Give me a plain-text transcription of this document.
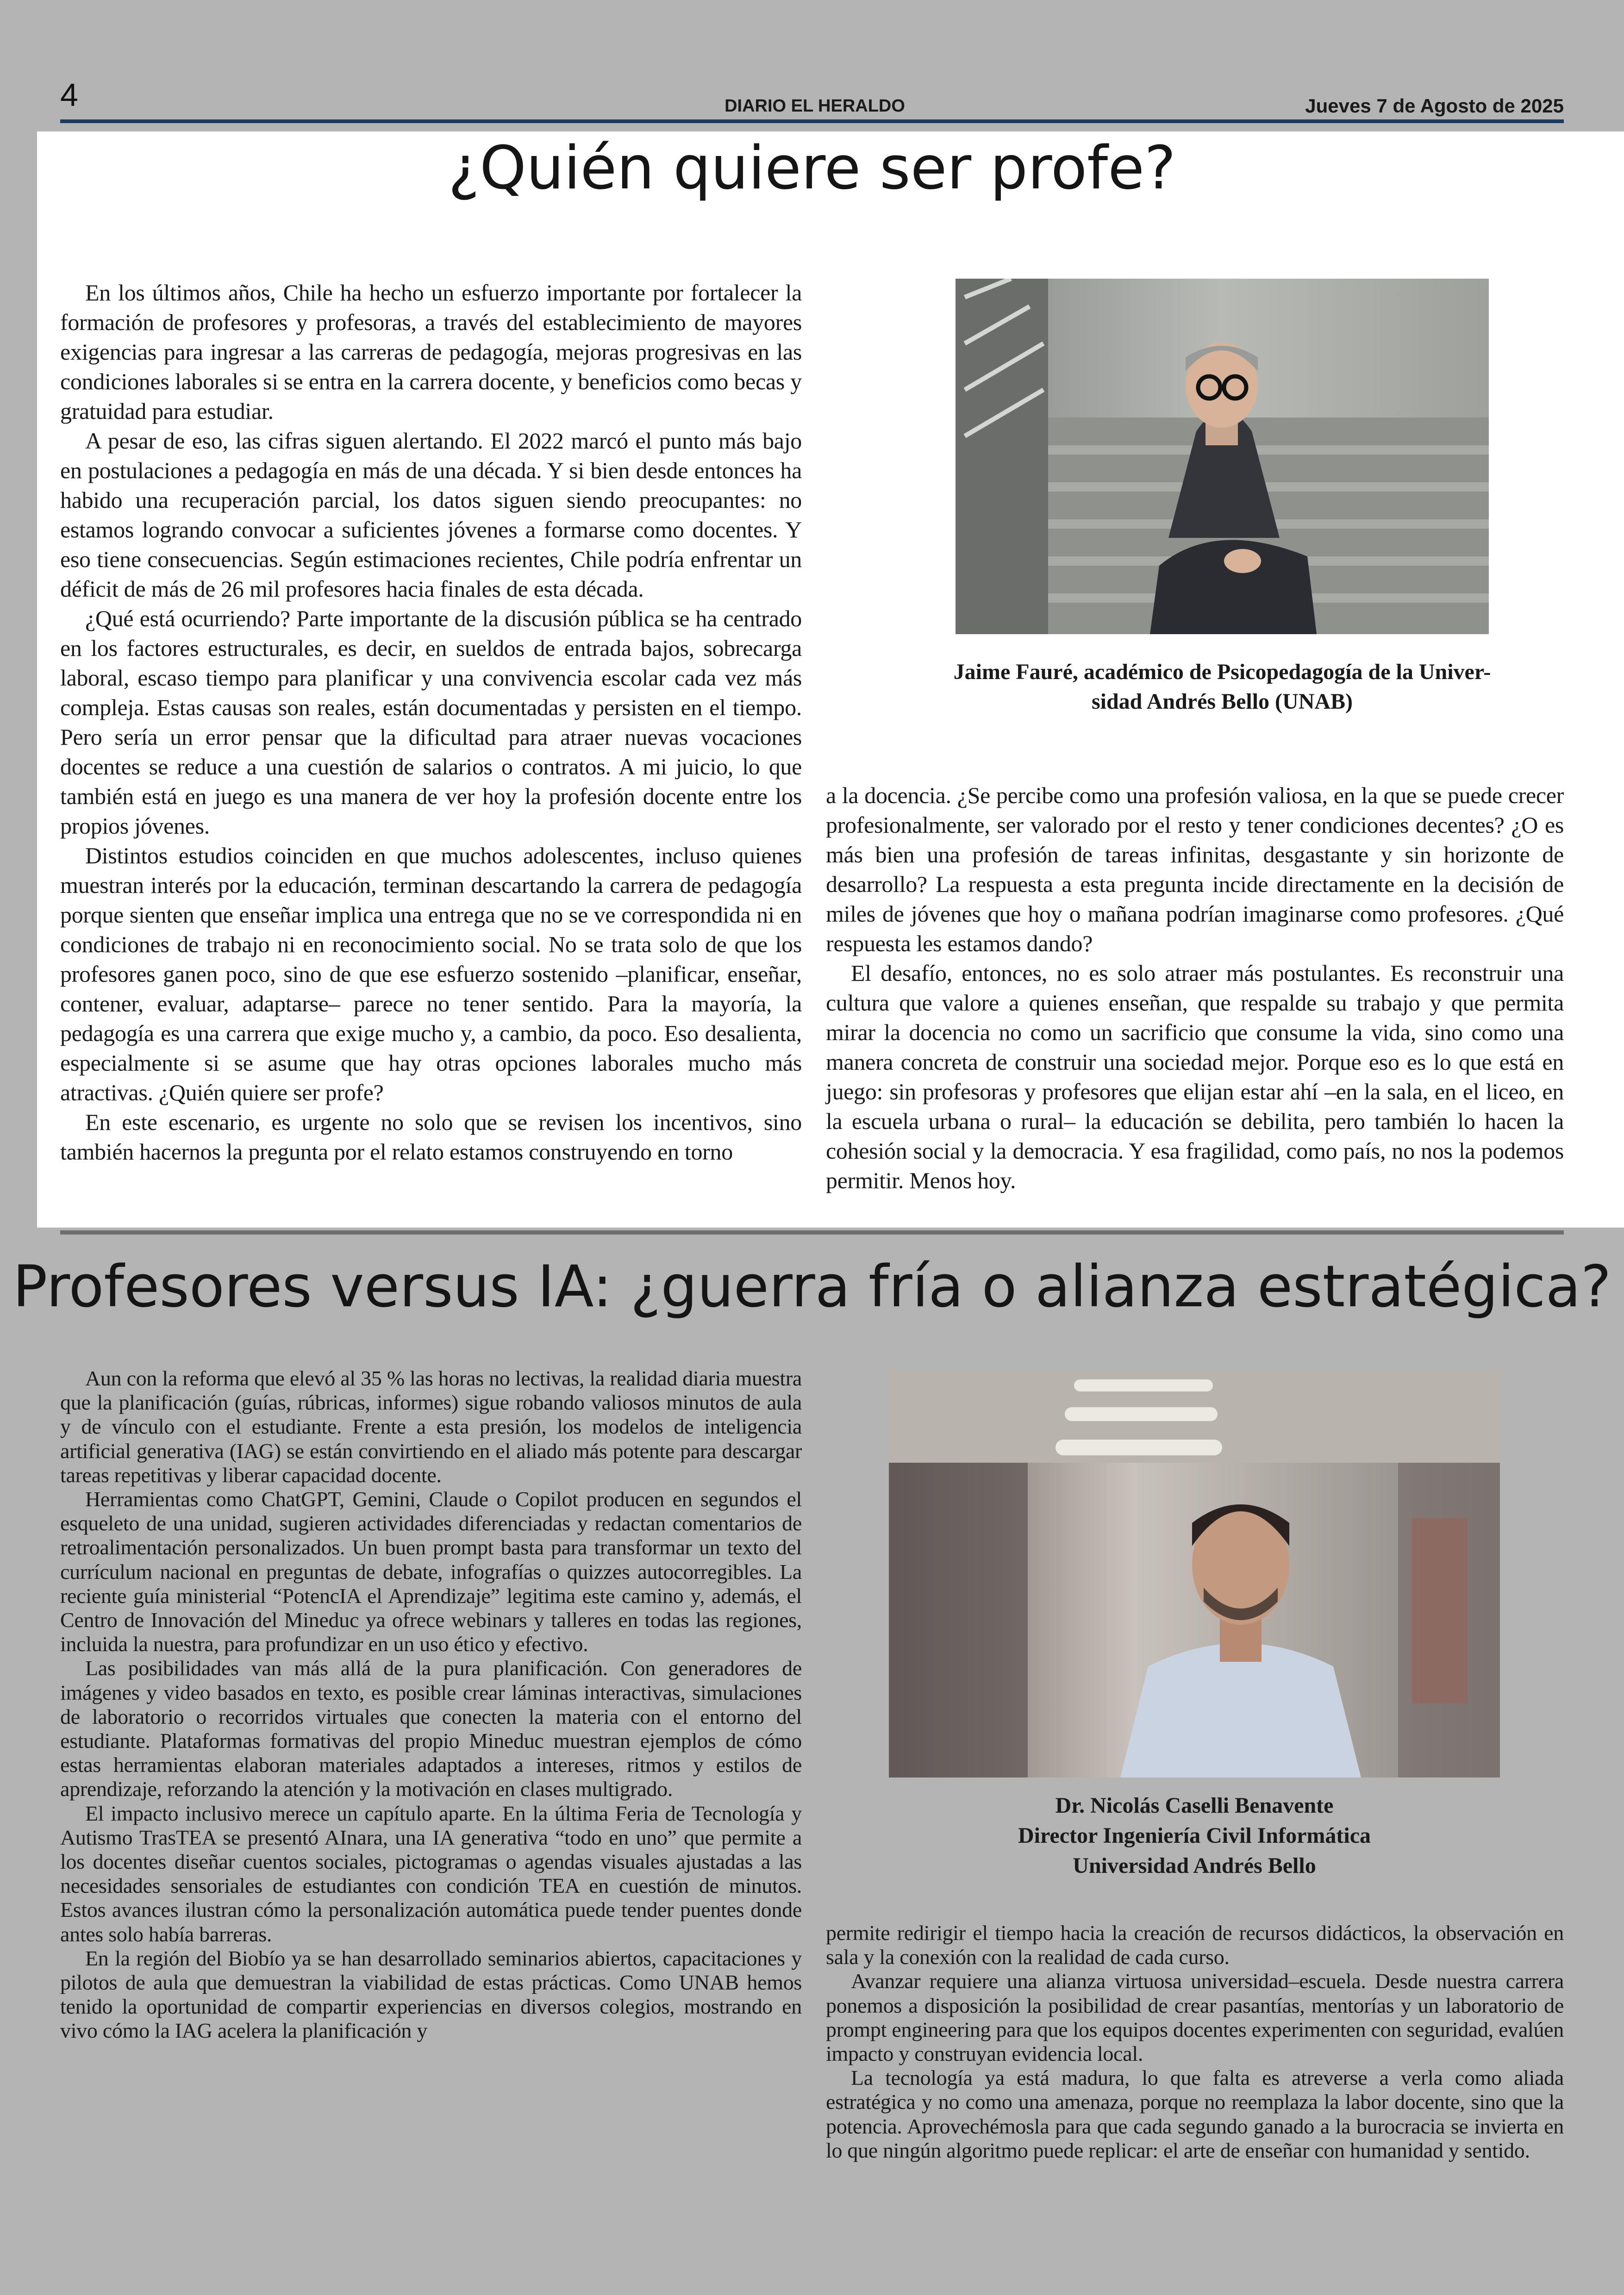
4	DIARIO EL HERALDO	Jueves 7 de Agosto de 2025
¿Quién quiere ser profe?

En los últimos años, Chile ha hecho un esfuerzo importante por fortalecer la formación de profesores y profesoras, a través del establecimiento de mayores exigencias para ingresar a las carreras de pedagogía, mejoras progresivas en las condiciones laborales si se entra en la carrera docente, y beneficios como becas y gratuidad para estudiar.

A pesar de eso, las cifras siguen alertando. El 2022 marcó el punto más bajo en postulaciones a pedagogía en más de una década. Y si bien desde entonces ha habido una recuperación parcial, los datos siguen siendo preocupantes: no estamos logrando convocar a suficientes jóvenes a formarse como docentes. Y eso tiene consecuencias. Según estimaciones recientes, Chile podría enfrentar un déficit de más de 26 mil profesores hacia finales de esta década.

¿Qué está ocurriendo? Parte importante de la discusión pública se ha centrado en los factores estructurales, es decir, en sueldos de entrada bajos, sobrecarga laboral, escaso tiempo para planificar y una convivencia escolar cada vez más compleja. Estas causas son reales, están documentadas y persisten en el tiempo. Pero sería un error pensar que la dificultad para atraer nuevas vocaciones docentes se reduce a una cuestión de salarios o contratos. A mi juicio, lo que también está en juego es una manera de ver hoy la profesión docente entre los propios jóvenes.

Distintos estudios coinciden en que muchos adolescentes, incluso quienes muestran interés por la educación, terminan descartando la carrera de pedagogía porque sienten que enseñar implica una entrega que no se ve correspondida ni en condiciones de trabajo ni en reconocimiento social. No se trata solo de que los profesores ganen poco, sino de que ese esfuerzo sostenido –planificar, enseñar, contener, evaluar, adaptarse– parece no tener sentido. Para la mayoría, la pedagogía es una carrera que exige mucho y, a cambio, da poco. Eso desalienta, especialmente si se asume que hay otras opciones laborales mucho más atractivas. ¿Quién quiere ser profe?

En este escenario, es urgente no solo que se revisen los incentivos, sino también hacernos la pregunta por el relato estamos construyendo en torno

Jaime Fauré, académico de Psicopedagogía de la Univer-
sidad Andrés Bello (UNAB)

a la docencia. ¿Se percibe como una profesión valiosa, en la que se puede crecer profesionalmente, ser valorado por el resto y tener condiciones decentes? ¿O es más bien una profesión de tareas infinitas, desgastante y sin horizonte de desarrollo? La respuesta a esta pregunta incide directamente en la decisión de miles de jóvenes que hoy o mañana podrían imaginarse como profesores. ¿Qué respuesta les estamos dando?

El desafío, entonces, no es solo atraer más postulantes. Es reconstruir una cultura que valore a quienes enseñan, que respalde su trabajo y que permita mirar la docencia no como un sacrificio que consume la vida, sino como una manera concreta de construir una sociedad mejor. Porque eso es lo que está en juego: sin profesoras y profesores que elijan estar ahí –en la sala, en el liceo, en la escuela urbana o rural– la educación se debilita, pero también lo hacen la cohesión social y la democracia. Y esa fragilidad, como país, no nos la podemos permitir. Menos hoy.

Profesores versus IA: ¿guerra fría o alianza estratégica?

Aun con la reforma que elevó al 35 % las horas no lectivas, la realidad diaria muestra que la planificación (guías, rúbricas, informes) sigue robando valiosos minutos de aula y de vínculo con el estudiante. Frente a esta presión, los modelos de inteligencia artificial generativa (IAG) se están convirtiendo en el aliado más potente para descargar tareas repetitivas y liberar capacidad docente.

Herramientas como ChatGPT, Gemini, Claude o Copilot producen en segundos el esqueleto de una unidad, sugieren actividades diferenciadas y redactan comentarios de retroalimentación personalizados. Un buen prompt basta para transformar un texto del currículum nacional en preguntas de debate, infografías o quizzes autocorregibles. La reciente guía ministerial “PotencIA el Aprendizaje” legitima este camino y, además, el Centro de Innovación del Mineduc ya ofrece webinars y talleres en todas las regiones, incluida la nuestra, para profundizar en un uso ético y efectivo.

Las posibilidades van más allá de la pura planificación. Con generadores de imágenes y video basados en texto, es posible crear láminas interactivas, simulaciones de laboratorio o recorridos virtuales que conecten la materia con el entorno del estudiante. Plataformas formativas del propio Mineduc muestran ejemplos de cómo estas herramientas elaboran materiales adaptados a intereses, ritmos y estilos de aprendizaje, reforzando la atención y la motivación en clases multigrado.

El impacto inclusivo merece un capítulo aparte. En la última Feria de Tecnología y Autismo TrasTEA se presentó AInara, una IA generativa “todo en uno” que permite a los docentes diseñar cuentos sociales, pictogramas o agendas visuales ajustadas a las necesidades sensoriales de estudiantes con condición TEA en cuestión de minutos. Estos avances ilustran cómo la personalización automática puede tender puentes donde antes solo había barreras.

En la región del Biobío ya se han desarrollado seminarios abiertos, capacitaciones y pilotos de aula que demuestran la viabilidad de estas prácticas. Como UNAB hemos tenido la oportunidad de compartir experiencias en diversos colegios, mostrando en vivo cómo la IAG acelera la planificación y

Dr. Nicolás Caselli Benavente
Director Ingeniería Civil Informática
Universidad Andrés Bello

permite redirigir el tiempo hacia la creación de recursos didácticos, la observación en sala y la conexión con la realidad de cada curso.

Avanzar requiere una alianza virtuosa universidad–escuela. Desde nuestra carrera ponemos a disposición la posibilidad de crear pasantías, mentorías y un laboratorio de prompt engineering para que los equipos docentes experimenten con seguridad, evalúen impacto y construyan evidencia local.

La tecnología ya está madura, lo que falta es atreverse a verla como aliada estratégica y no como una amenaza, porque no reemplaza la labor docente, sino que la potencia. Aprovechémosla para que cada segundo ganado a la burocracia se invierta en lo que ningún algoritmo puede replicar: el arte de enseñar con humanidad y sentido.
